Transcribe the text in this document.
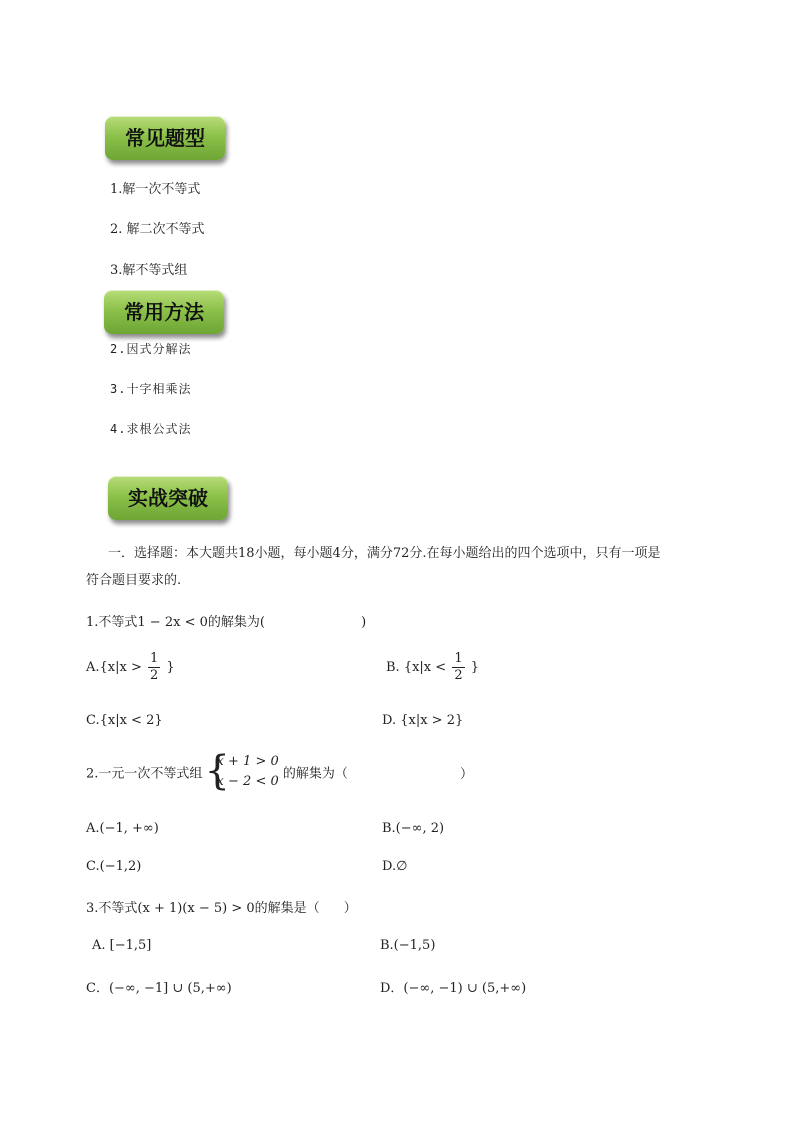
常见题型
1.解一次不等式
2. 解二次不等式
3.解不等式组
常用方法
2.因式分解法
3.十字相乘法
4.求根公式法
实战突破
一．选择题：本大题共18小题，每小题4分，满分72分.在每小题给出的四个选项中，只有一项是
符合题目要求的.
1.不等式1 − 2x < 0的解集为(	)
$A.\{x|x > \frac{1}{2}$ }	B. {$x|x < \frac{1}{2}$ }
C.{x|x < 2}	D. {x|x > 2}
2.一元一次不等式组 {
x + 1 > 0
x − 2 < 0 的解集为（	）
A.(−1, +∞)	B.(−∞, 2)
C.(−1,2)	D.∅
3.不等式(x + 1)(x − 5) > 0的解集是（ ）
A. [−1,5]	B.(−1,5)
C．(−∞, −1] ∪ (5,+∞)	D．(−∞, −1) ∪ (5,+∞)
